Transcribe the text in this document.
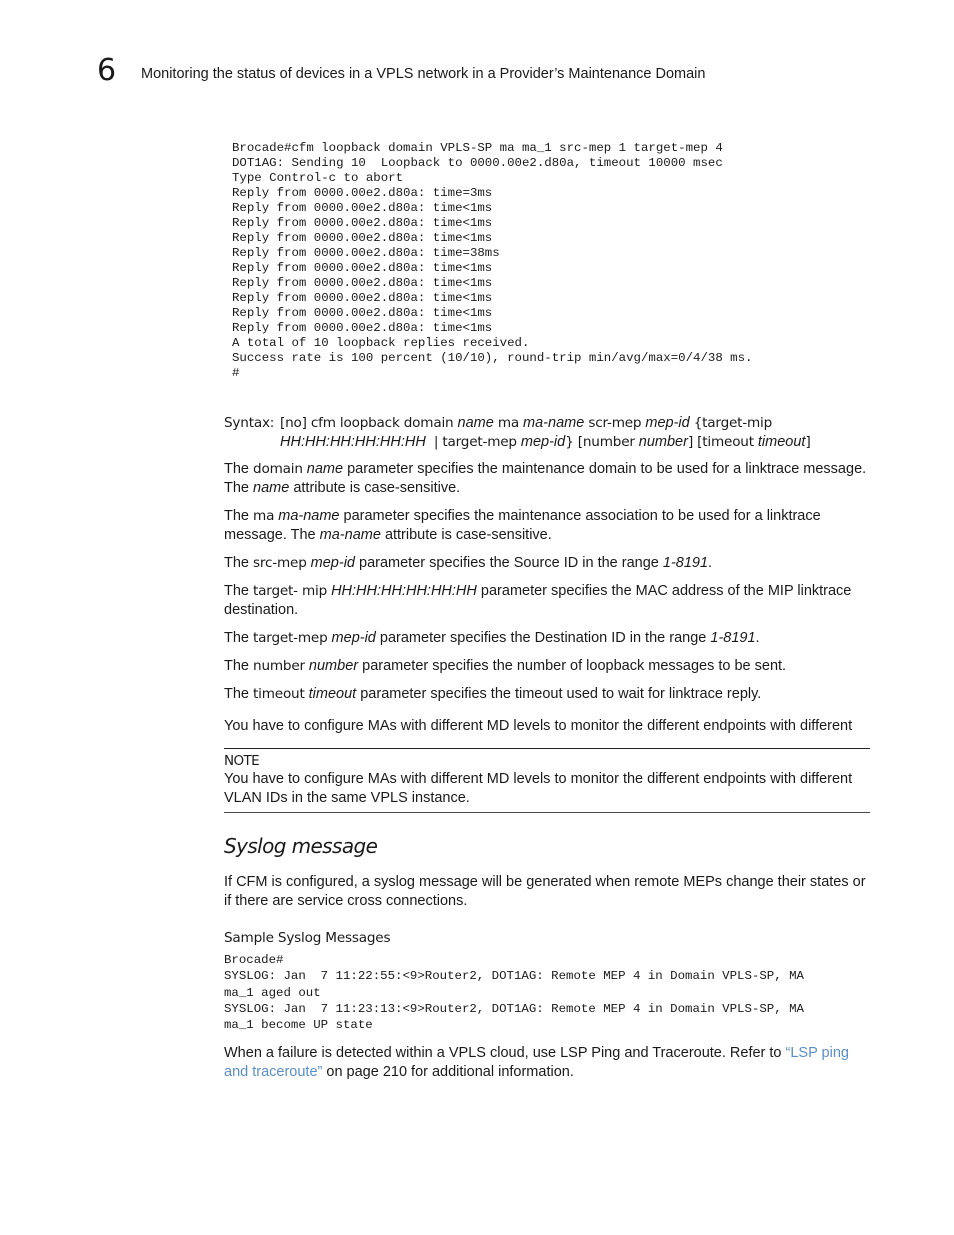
6 Monitoring the status of devices in a VPLS network in a Provider’s Maintenance Domain
Brocade#cfm loopback domain VPLS-SP ma ma_1 src-mep 1 target-mep 4
DOT1AG: Sending 10  Loopback to 0000.00e2.d80a, timeout 10000 msec
Type Control-c to abort
Reply from 0000.00e2.d80a: time=3ms
Reply from 0000.00e2.d80a: time<1ms
Reply from 0000.00e2.d80a: time<1ms
Reply from 0000.00e2.d80a: time<1ms
Reply from 0000.00e2.d80a: time=38ms
Reply from 0000.00e2.d80a: time<1ms
Reply from 0000.00e2.d80a: time<1ms
Reply from 0000.00e2.d80a: time<1ms
Reply from 0000.00e2.d80a: time<1ms
Reply from 0000.00e2.d80a: time<1ms
A total of 10 loopback replies received.
Success rate is 100 percent (10/10), round-trip min/avg/max=0/4/38 ms.
#
Syntax: [no] cfm loopback domain name ma ma-name scr-mep mep-id {target-mip
HH:HH:HH:HH:HH:HH | target-mep mep-id} [number number] [timeout timeout]
The domain name parameter specifies the maintenance domain to be used for a linktrace message. The name attribute is case-sensitive.
The ma ma-name parameter specifies the maintenance association to be used for a linktrace message. The ma-name attribute is case-sensitive.
The src-mep mep-id parameter specifies the Source ID in the range 1-8191.
The target- mip HH:HH:HH:HH:HH:HH parameter specifies the MAC address of the MIP linktrace destination.
The target-mep mep-id parameter specifies the Destination ID in the range 1-8191.
The number number parameter specifies the number of loopback messages to be sent.
The timeout timeout parameter specifies the timeout used to wait for linktrace reply.
You have to configure MAs with different MD levels to monitor the different endpoints with different
NOTE
You have to configure MAs with different MD levels to monitor the different endpoints with different VLAN IDs in the same VPLS instance.
Syslog message
If CFM is configured, a syslog message will be generated when remote MEPs change their states or if there are service cross connections.
Sample Syslog Messages
Brocade#
SYSLOG: Jan  7 11:22:55:<9>Router2, DOT1AG: Remote MEP 4 in Domain VPLS-SP, MA
ma_1 aged out
SYSLOG: Jan  7 11:23:13:<9>Router2, DOT1AG: Remote MEP 4 in Domain VPLS-SP, MA
ma_1 become UP state
When a failure is detected within a VPLS cloud, use LSP Ping and Traceroute. Refer to “LSP ping and traceroute” on page 210 for additional information.
